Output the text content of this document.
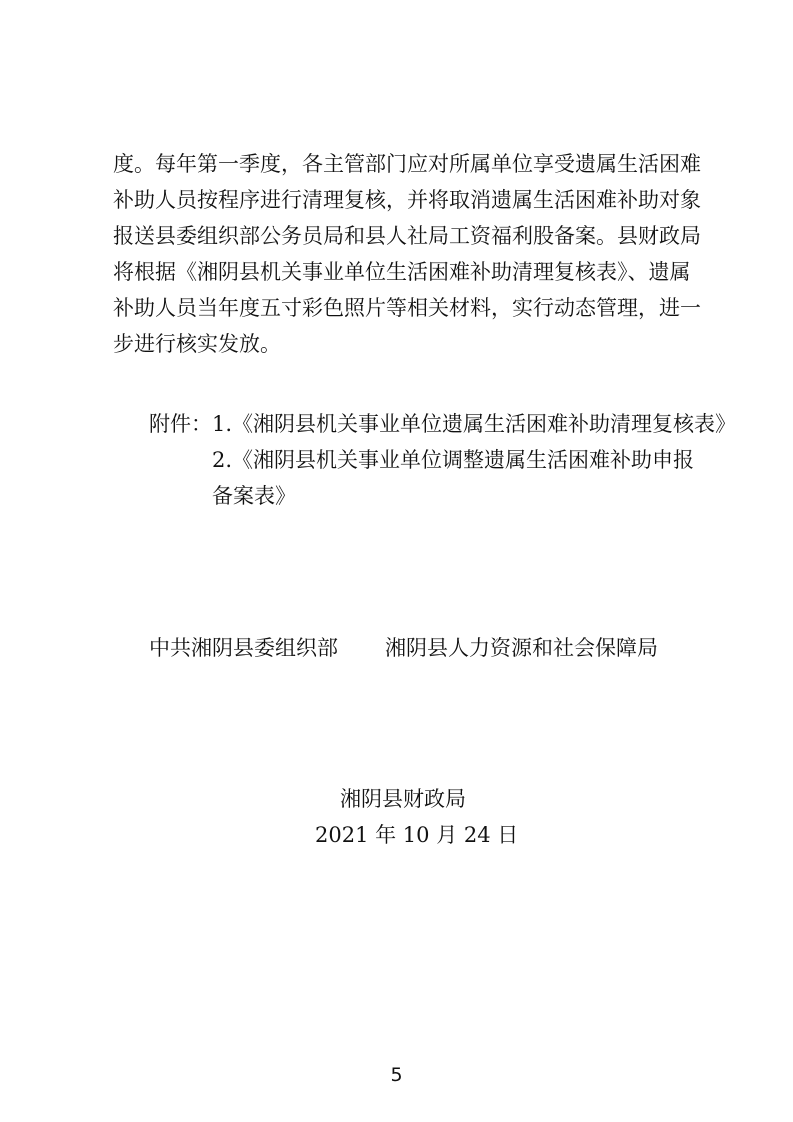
度。每年第一季度，各主管部门应对所属单位享受遗属生活困难
补助人员按程序进行清理复核，并将取消遗属生活困难补助对象
报送县委组织部公务员局和县人社局工资福利股备案。县财政局
将根据《湘阴县机关事业单位生活困难补助清理复核表》、遗属
补助人员当年度五寸彩色照片等相关材料，实行动态管理，进一
步进行核实发放。
附件： 1.《湘阴县机关事业单位遗属生活困难补助清理复核表》
2.《湘阴县机关事业单位调整遗属生活困难补助申报
备案表》
中共湘阴县委组织部 湘阴县人力资源和社会保障局
湘阴县财政局
2021 年 10 月 24 日
5
